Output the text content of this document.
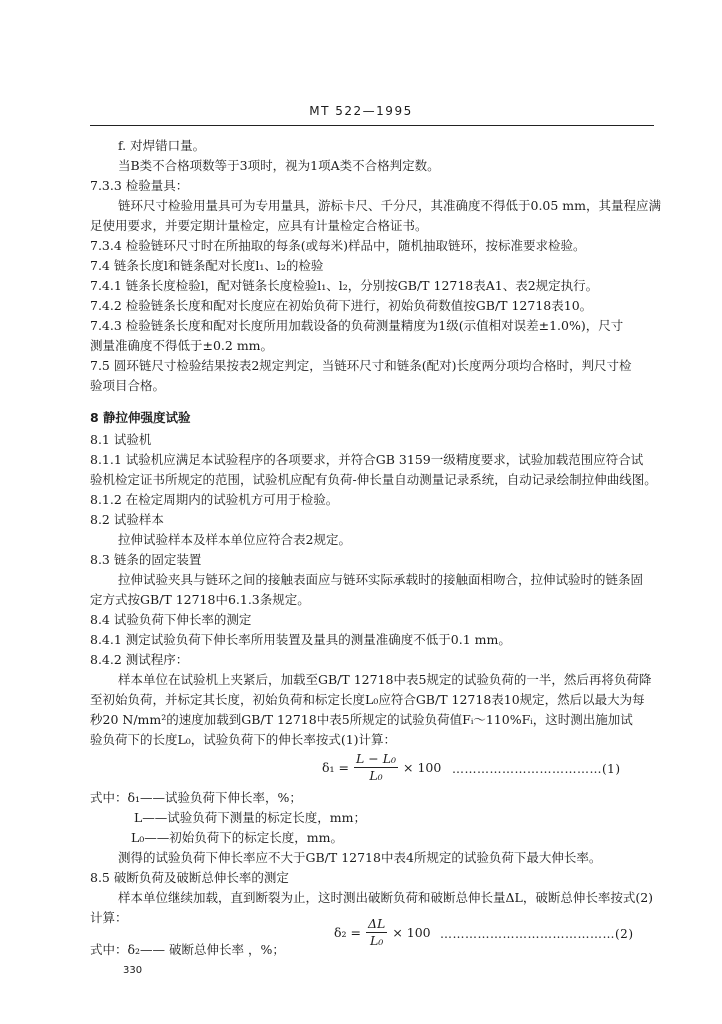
MT 522—1995
f. 对焊错口量。
当B类不合格项数等于3项时，视为1项A类不合格判定数。
7.3.3 检验量具：
链环尺寸检验用量具可为专用量具，游标卡尺、千分尺，其准确度不得低于0.05 mm，其量程应满
足使用要求，并要定期计量检定，应具有计量检定合格证书。
7.3.4 检验链环尺寸时在所抽取的每条(或每米)样品中，随机抽取链环，按标准要求检验。
7.4 链条长度l和链条配对长度l₁、l₂的检验
7.4.1 链条长度检验l，配对链条长度检验l₁、l₂，分别按GB/T 12718表A1、表2规定执行。
7.4.2 检验链条长度和配对长度应在初始负荷下进行，初始负荷数值按GB/T 12718表10。
7.4.3 检验链条长度和配对长度所用加载设备的负荷测量精度为1级(示值相对误差±1.0%)，尺寸
测量准确度不得低于±0.2 mm。
7.5 圆环链尺寸检验结果按表2规定判定，当链环尺寸和链条(配对)长度两分项均合格时，判尺寸检
验项目合格。
8 静拉伸强度试验
8.1 试验机
8.1.1 试验机应满足本试验程序的各项要求，并符合GB 3159一级精度要求，试验加载范围应符合试
验机检定证书所规定的范围，试验机应配有负荷-伸长量自动测量记录系统，自动记录绘制拉伸曲线图。
8.1.2 在检定周期内的试验机方可用于检验。
8.2 试验样本
拉伸试验样本及样本单位应符合表2规定。
8.3 链条的固定装置
拉伸试验夹具与链环之间的接触表面应与链环实际承载时的接触面相吻合，拉伸试验时的链条固
定方式按GB/T 12718中6.1.3条规定。
8.4 试验负荷下伸长率的测定
8.4.1 测定试验负荷下伸长率所用装置及量具的测量准确度不低于0.1 mm。
8.4.2 测试程序：
样本单位在试验机上夹紧后，加载至GB/T 12718中表5规定的试验负荷的一半，然后再将负荷降
至初始负荷，并标定其长度，初始负荷和标定长度L₀应符合GB/T 12718表10规定，然后以最大为每
秒20 N/mm²的速度加载到GB/T 12718中表5所规定的试验负荷值Fᵢ～110%Fᵢ，这时测出施加试
验负荷下的长度L₀，试验负荷下的伸长率按式(1)计算：
$\delta_1 = \frac{\text{L − L₀}}{\text{L₀}} \times 100$ ………………………………(1)
式中：δ₁——试验负荷下伸长率，%；
L——试验负荷下测量的标定长度，mm；
L₀——初始负荷下的标定长度，mm。
测得的试验负荷下伸长率应不大于GB/T 12718中表4所规定的试验负荷下最大伸长率。
8.5 破断负荷及破断总伸长率的测定
样本单位继续加载，直到断裂为止，这时测出破断负荷和破断总伸长量ΔL，破断总伸长率按式(2)
计算：
$\delta_2 = \frac{\Delta L}{\text{L₀}} \times 100$ ……………………………………(2)
式中：δ₂—— 破断总伸长率 ，%；
330
